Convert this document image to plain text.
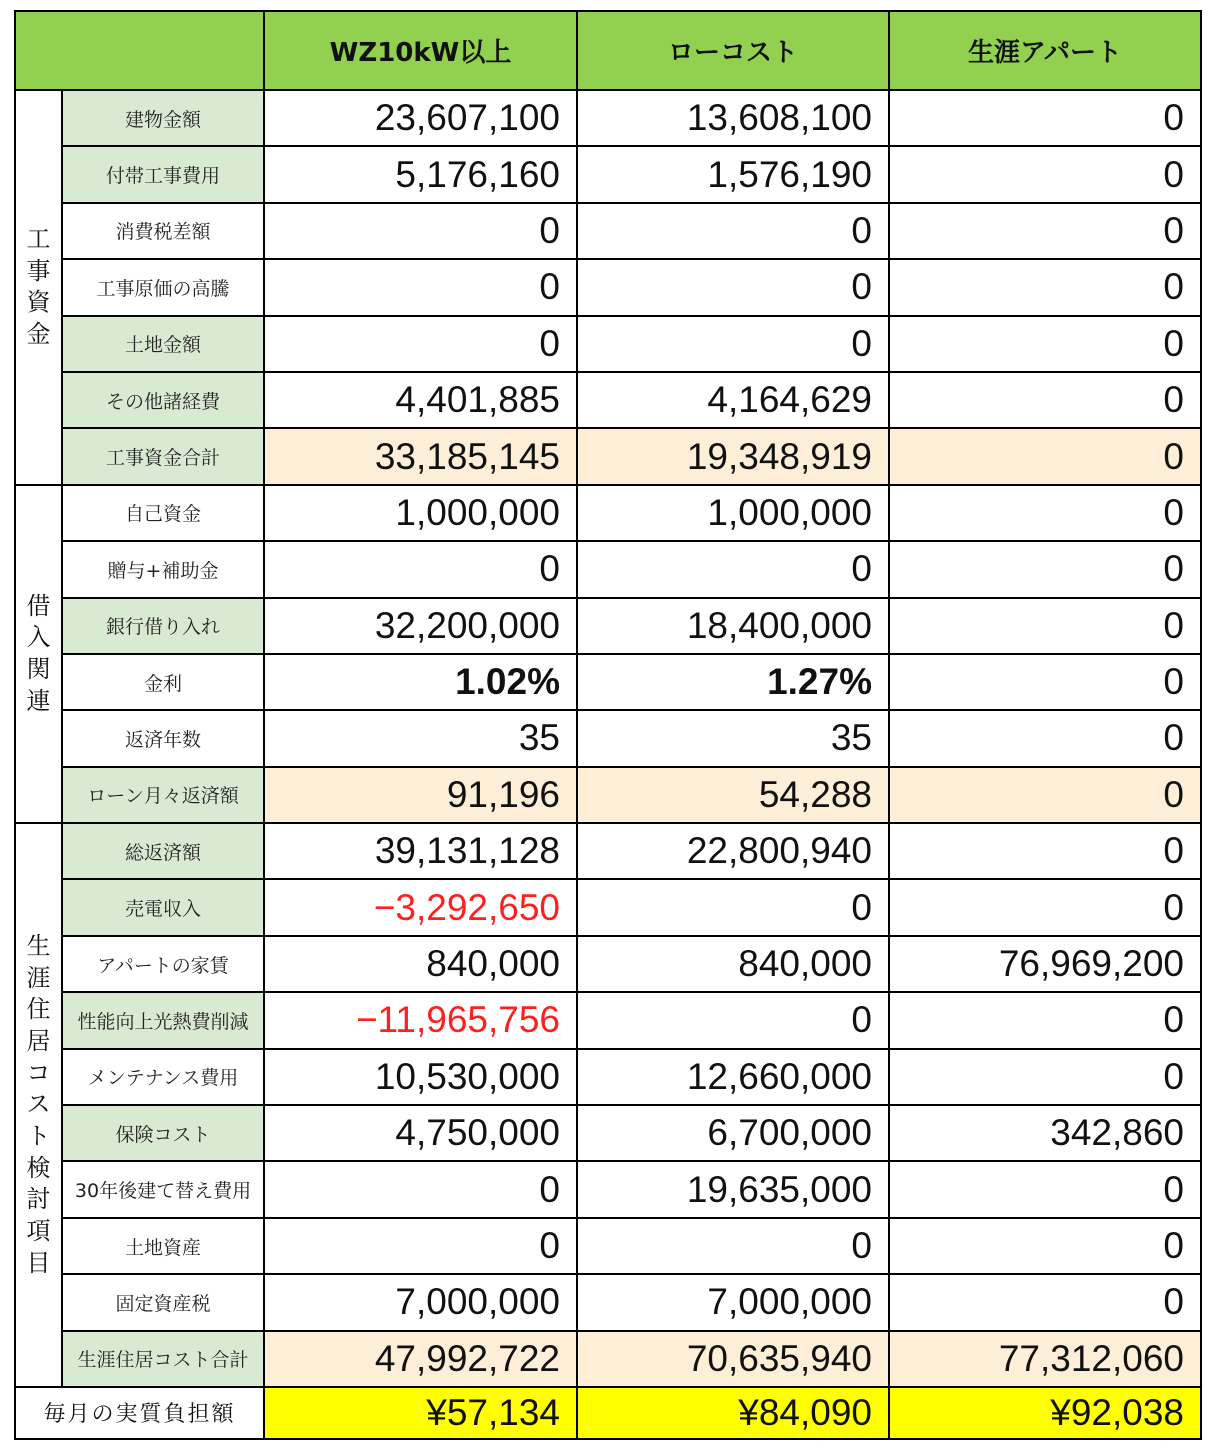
		WZ10kW以上	ローコスト	生涯アパート
工事資金	建物金額	23,607,100	13,608,100	0
	付帯工事費用	5,176,160	1,576,190	0
	消費税差額	0	0	0
	工事原価の高騰	0	0	0
	土地金額	0	0	0
	その他諸経費	4,401,885	4,164,629	0
	工事資金合計	33,185,145	19,348,919	0
借入関連	自己資金	1,000,000	1,000,000	0
	贈与+補助金	0	0	0
	銀行借り入れ	32,200,000	18,400,000	0
	金利	1.02%	1.27%	0
	返済年数	35	35	0
	ローン月々返済額	91,196	54,288	0
生涯住居コスト検討項目	総返済額	39,131,128	22,800,940	0
	売電収入	−3,292,650	0	0
	アパートの家賃	840,000	840,000	76,969,200
	性能向上光熱費削減	−11,965,756	0	0
	メンテナンス費用	10,530,000	12,660,000	0
	保険コスト	4,750,000	6,700,000	342,860
	30年後建て替え費用	0	19,635,000	0
	土地資産	0	0	0
	固定資産税	7,000,000	7,000,000	0
	生涯住居コスト合計	47,992,722	70,635,940	77,312,060
毎月の実質負担額		¥57,134	¥84,090	¥92,038
